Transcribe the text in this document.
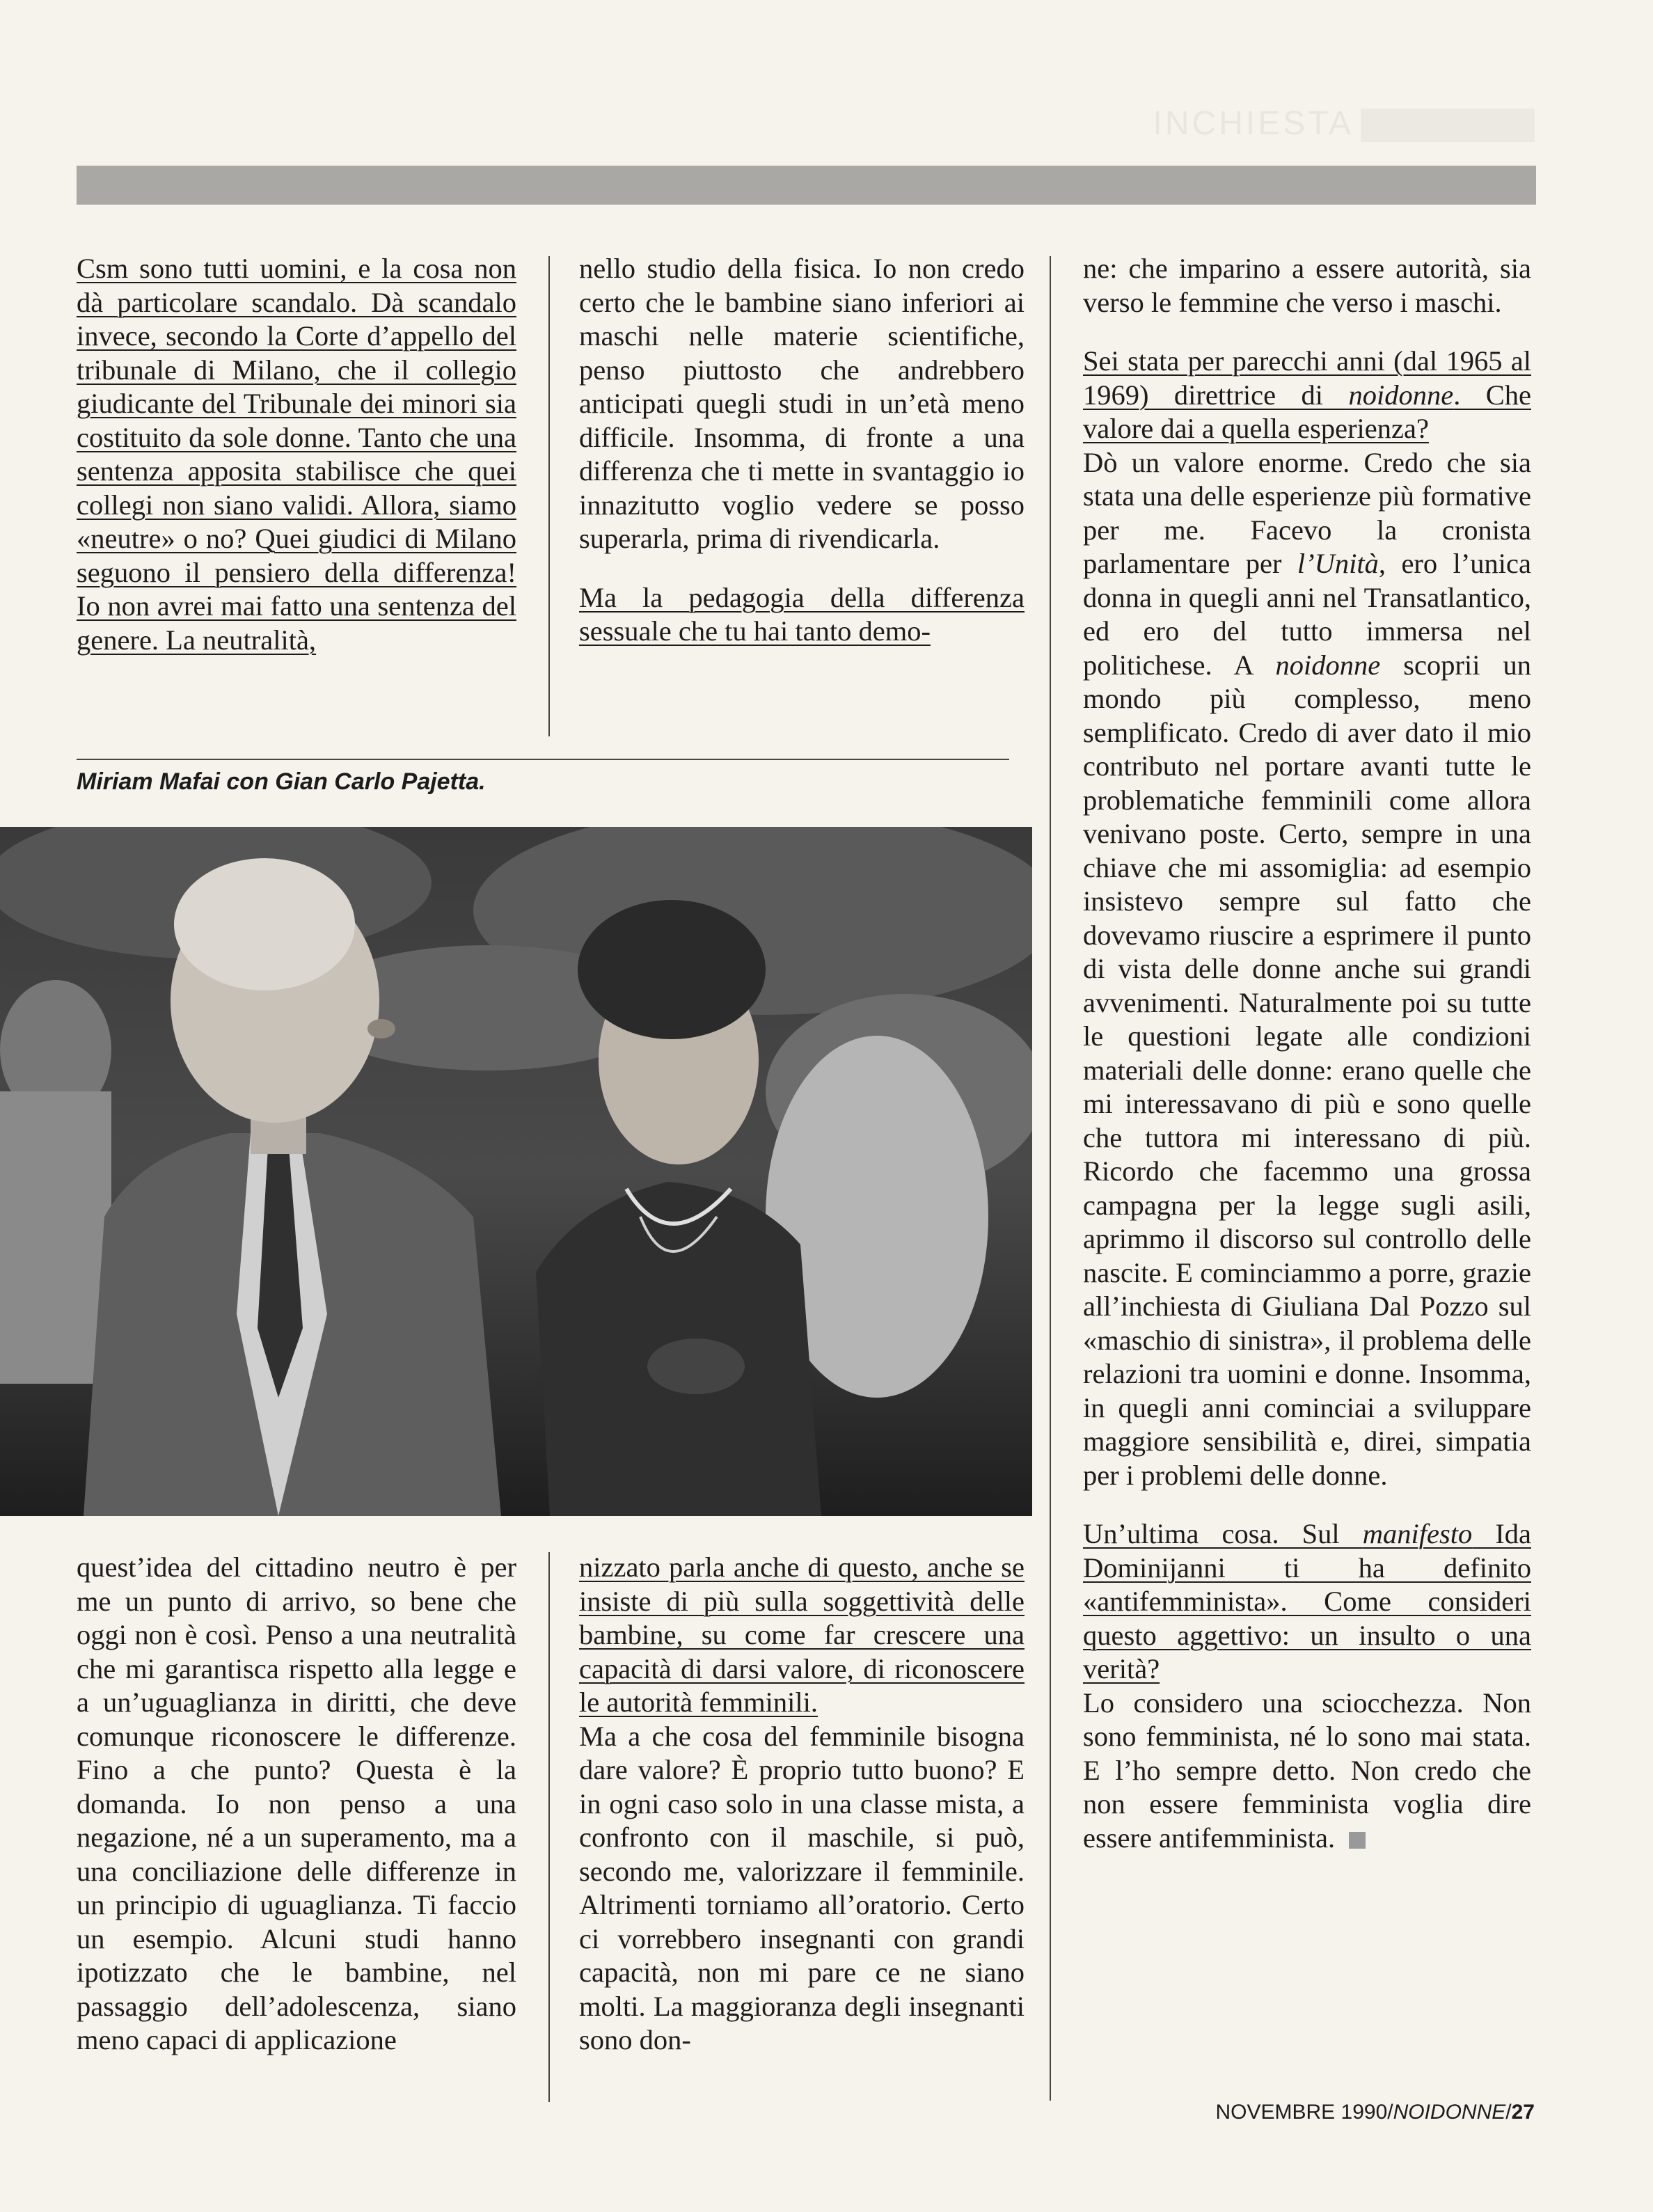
INCHIESTA

Csm sono tutti uomini, e la cosa non dà particolare scandalo. Dà scandalo invece, secondo la Corte d’appello del tribunale di Milano, che il collegio giudicante del Tribunale dei minori sia costituito da sole donne. Tanto che una sentenza apposita stabilisce che quei collegi non siano validi. Allora, siamo «neutre» o no? Quei giudici di Milano seguono il pensiero della differenza! Io non avrei mai fatto una sentenza del genere. La neutralità,

nello studio della fisica. Io non credo certo che le bambine siano inferiori ai maschi nelle materie scientifiche, penso piuttosto che andrebbero anticipati quegli studi in un’età meno difficile. Insomma, di fronte a una differenza che ti mette in svantaggio io innazitutto voglio vedere se posso superarla, prima di rivendicarla.

Ma la pedagogia della differenza sessuale che tu hai tanto demo-

Miriam Mafai con Gian Carlo Pajetta.

quest’idea del cittadino neutro è per me un punto di arrivo, so bene che oggi non è così. Penso a una neutralità che mi garantisca rispetto alla legge e a un’uguaglianza in diritti, che deve comunque riconoscere le differenze. Fino a che punto? Questa è la domanda. Io non penso a una negazione, né a un superamento, ma a una conciliazione delle differenze in un principio di uguaglianza. Ti faccio un esempio. Alcuni studi hanno ipotizzato che le bambine, nel passaggio dell’adolescenza, siano meno capaci di applicazione

nizzato parla anche di questo, anche se insiste di più sulla soggettività delle bambine, su come far crescere una capacità di darsi valore, di riconoscere le autorità femminili.

Ma a che cosa del femminile bisogna dare valore? È proprio tutto buono? E in ogni caso solo in una classe mista, a confronto con il maschile, si può, secondo me, valorizzare il femminile. Altrimenti torniamo all’oratorio. Certo ci vorrebbero insegnanti con grandi capacità, non mi pare ce ne siano molti. La maggioranza degli insegnanti sono don-

ne: che imparino a essere autorità, sia verso le femmine che verso i maschi.

Sei stata per parecchi anni (dal 1965 al 1969) direttrice di noidonne. Che valore dai a quella esperienza?

Dò un valore enorme. Credo che sia stata una delle esperienze più formative per me. Facevo la cronista parlamentare per l’Unità, ero l’unica donna in quegli anni nel Transatlantico, ed ero del tutto immersa nel politichese. A noidonne scoprii un mondo più complesso, meno semplificato. Credo di aver dato il mio contributo nel portare avanti tutte le problematiche femminili come allora venivano poste. Certo, sempre in una chiave che mi assomiglia: ad esempio insistevo sempre sul fatto che dovevamo riuscire a esprimere il punto di vista delle donne anche sui grandi avvenimenti. Naturalmente poi su tutte le questioni legate alle condizioni materiali delle donne: erano quelle che mi interessavano di più e sono quelle che tuttora mi interessano di più. Ricordo che facemmo una grossa campagna per la legge sugli asili, aprimmo il discorso sul controllo delle nascite. E cominciammo a porre, grazie all’inchiesta di Giuliana Dal Pozzo sul «maschio di sinistra», il problema delle relazioni tra uomini e donne. Insomma, in quegli anni cominciai a sviluppare maggiore sensibilità e, direi, simpatia per i problemi delle donne.

Un’ultima cosa. Sul manifesto Ida Dominijanni ti ha definito «antifemminista». Come consideri questo aggettivo: un insulto o una verità?

Lo considero una sciocchezza. Non sono femminista, né lo sono mai stata. E l’ho sempre detto. Non credo che non essere femminista voglia dire essere antifemminista.

NOVEMBRE 1990/NOIDONNE/27
